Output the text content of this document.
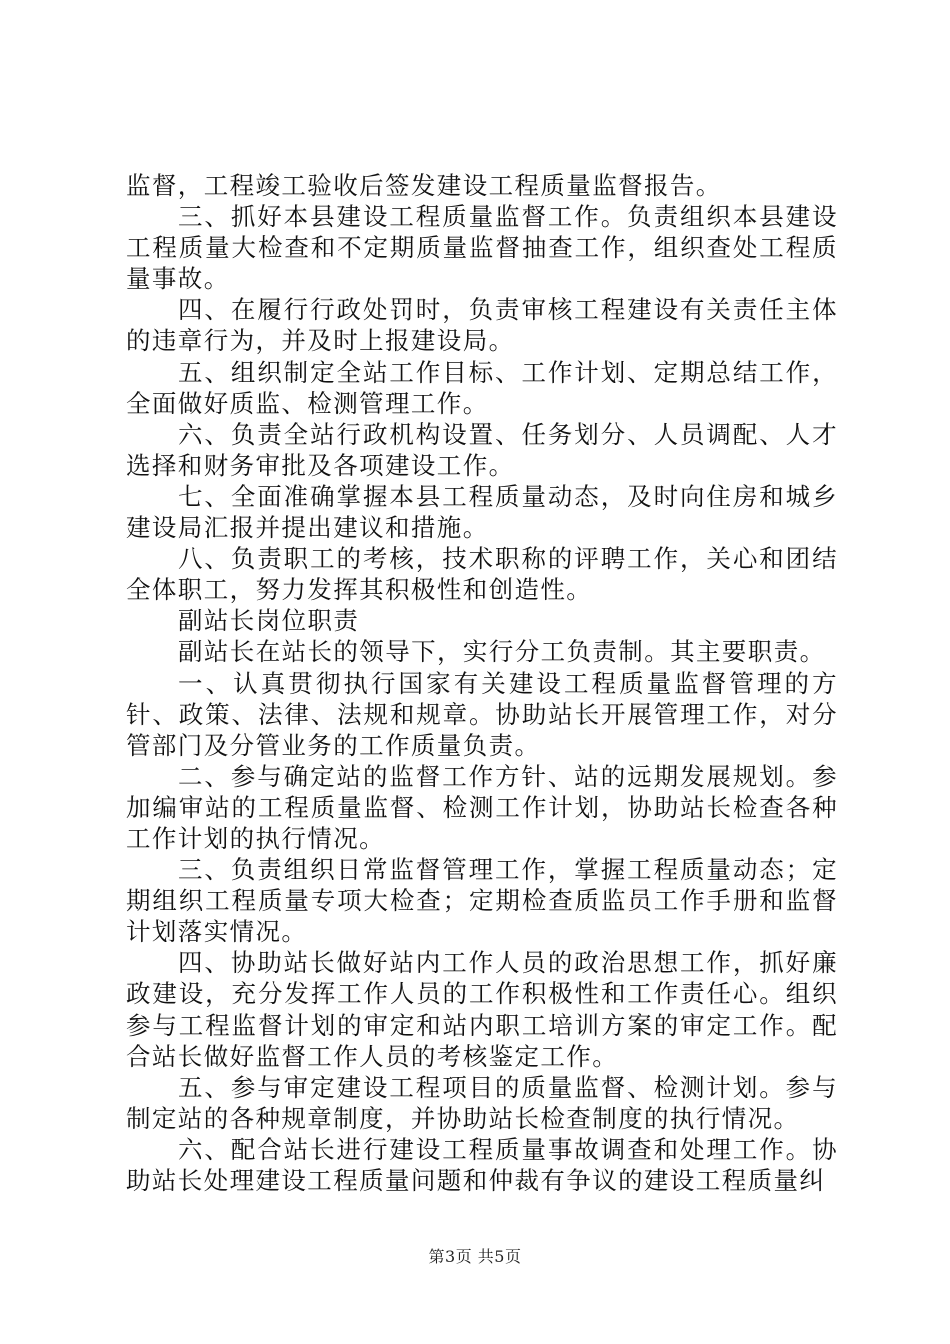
监督，工程竣工验收后签发建设工程质量监督报告。

三、抓好本县建设工程质量监督工作。负责组织本县建设工程质量大检查和不定期质量监督抽查工作，组织查处工程质量事故。

四、在履行行政处罚时，负责审核工程建设有关责任主体的违章行为，并及时上报建设局。

五、组织制定全站工作目标、工作计划、定期总结工作，全面做好质监、检测管理工作。

六、负责全站行政机构设置、任务划分、人员调配、人才选择和财务审批及各项建设工作。

七、全面准确掌握本县工程质量动态，及时向住房和城乡建设局汇报并提出建议和措施。

八、负责职工的考核，技术职称的评聘工作，关心和团结全体职工，努力发挥其积极性和创造性。

副站长岗位职责

副站长在站长的领导下，实行分工负责制。其主要职责。

一、认真贯彻执行国家有关建设工程质量监督管理的方针、政策、法律、法规和规章。协助站长开展管理工作，对分管部门及分管业务的工作质量负责。

二、参与确定站的监督工作方针、站的远期发展规划。参加编审站的工程质量监督、检测工作计划，协助站长检查各种工作计划的执行情况。

三、负责组织日常监督管理工作，掌握工程质量动态；定期组织工程质量专项大检查；定期检查质监员工作手册和监督计划落实情况。

四、协助站长做好站内工作人员的政治思想工作，抓好廉政建设，充分发挥工作人员的工作积极性和工作责任心。组织参与工程监督计划的审定和站内职工培训方案的审定工作。配合站长做好监督工作人员的考核鉴定工作。

五、参与审定建设工程项目的质量监督、检测计划。参与制定站的各种规章制度，并协助站长检查制度的执行情况。

六、配合站长进行建设工程质量事故调查和处理工作。协助站长处理建设工程质量问题和仲裁有争议的建设工程质量纠

第3页 共5页
